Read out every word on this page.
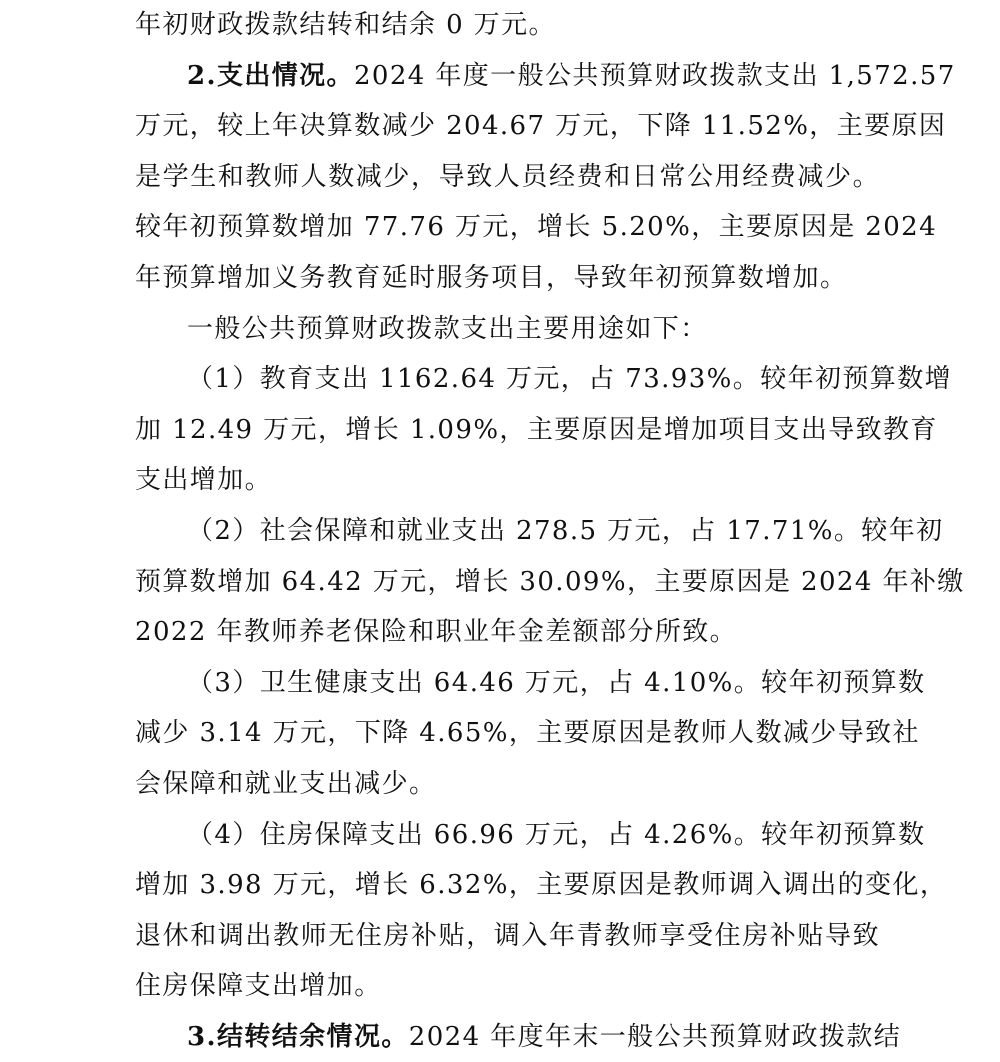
年初财政拨款结转和结余 0 万元。
2.支出情况。2024 年度一般公共预算财政拨款支出 1,572.57
万元，较上年决算数减少 204.67 万元，下降 11.52%，主要原因
是学生和教师人数减少，导致人员经费和日常公用经费减少。
较年初预算数增加 77.76 万元，增长 5.20%，主要原因是 2024
年预算增加义务教育延时服务项目，导致年初预算数增加。
一般公共预算财政拨款支出主要用途如下：
（1）教育支出 1162.64 万元，占 73.93%。较年初预算数增
加 12.49 万元，增长 1.09%，主要原因是增加项目支出导致教育
支出增加。
（2）社会保障和就业支出 278.5 万元，占 17.71%。较年初
预算数增加 64.42 万元，增长 30.09%，主要原因是 2024 年补缴
2022 年教师养老保险和职业年金差额部分所致。
（3）卫生健康支出 64.46 万元，占 4.10%。较年初预算数
减少 3.14 万元，下降 4.65%，主要原因是教师人数减少导致社
会保障和就业支出减少。
（4）住房保障支出 66.96 万元，占 4.26%。较年初预算数
增加 3.98 万元，增长 6.32%，主要原因是教师调入调出的变化，
退休和调出教师无住房补贴，调入年青教师享受住房补贴导致
住房保障支出增加。
3.结转结余情况。2024 年度年末一般公共预算财政拨款结
